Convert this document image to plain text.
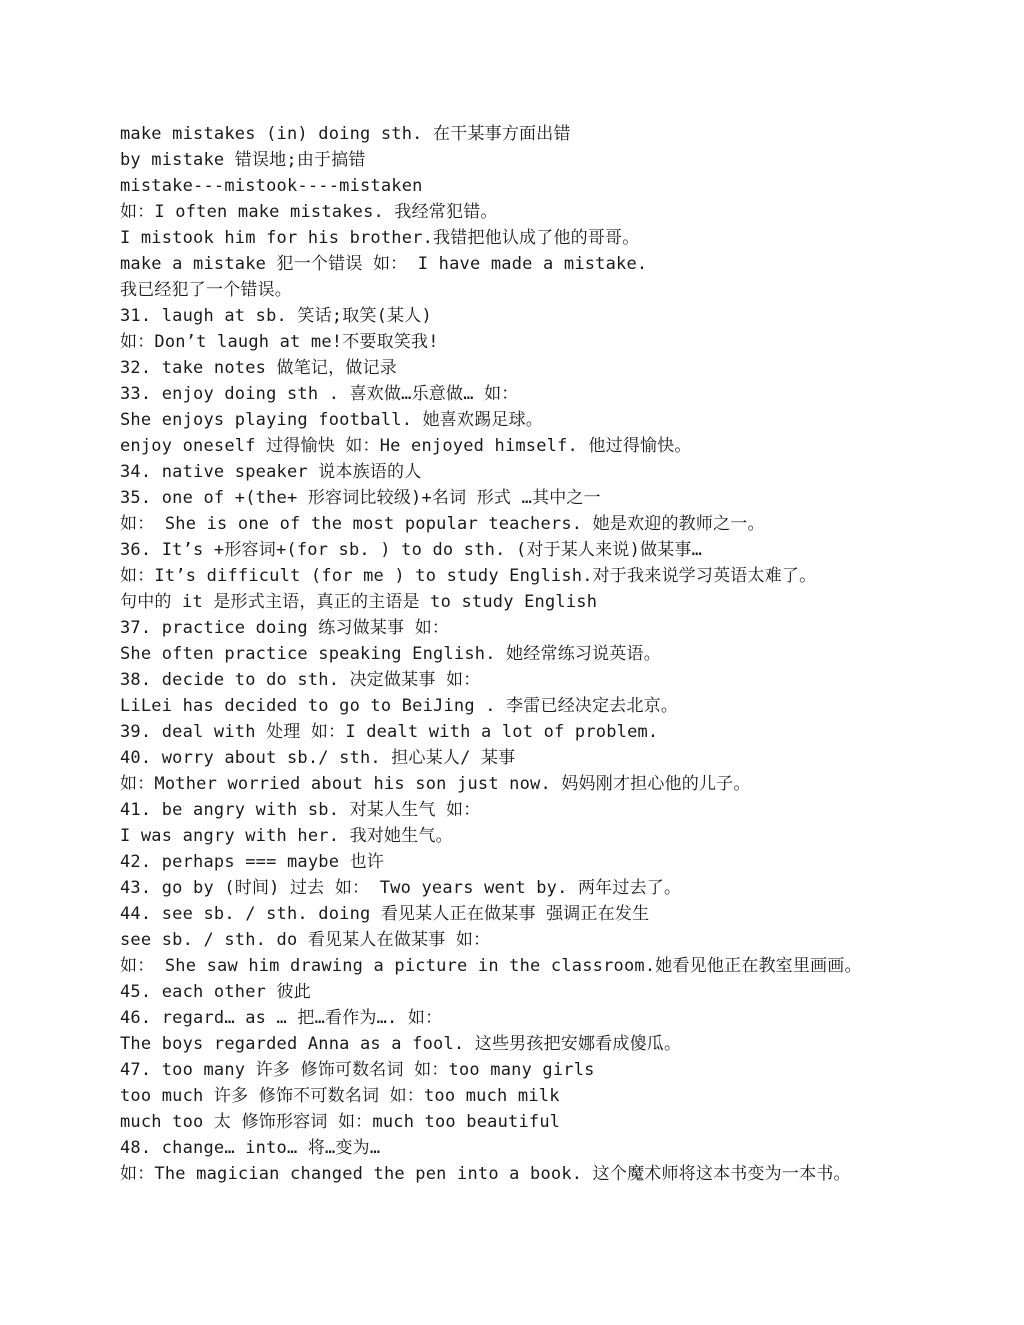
make mistakes (in) doing sth. 在干某事方面出错
by mistake 错误地;由于搞错
mistake---mistook----mistaken
如：I often make mistakes. 我经常犯错。
I mistook him for his brother.我错把他认成了他的哥哥。
make a mistake 犯一个错误 如： I have made a mistake.
我已经犯了一个错误。
31. laugh at sb. 笑话;取笑(某人)
如：Don’t laugh at me!不要取笑我!
32. take notes 做笔记，做记录
33. enjoy doing sth . 喜欢做…乐意做… 如：
She enjoys playing football. 她喜欢踢足球。
enjoy oneself 过得愉快 如：He enjoyed himself. 他过得愉快。
34. native speaker 说本族语的人
35. one of +(the+ 形容词比较级)+名词 形式 …其中之一
如： She is one of the most popular teachers. 她是欢迎的教师之一。
36. It’s +形容词+(for sb. ) to do sth. (对于某人来说)做某事…
如：It’s difficult (for me ) to study English.对于我来说学习英语太难了。
句中的 it 是形式主语，真正的主语是 to study English
37. practice doing 练习做某事 如：
She often practice speaking English. 她经常练习说英语。
38. decide to do sth. 决定做某事 如：
LiLei has decided to go to BeiJing . 李雷已经决定去北京。
39. deal with 处理 如：I dealt with a lot of problem.
40. worry about sb./ sth. 担心某人/ 某事
如：Mother worried about his son just now. 妈妈刚才担心他的儿子。
41. be angry with sb. 对某人生气 如：
I was angry with her. 我对她生气。
42. perhaps === maybe 也许
43. go by (时间) 过去 如： Two years went by. 两年过去了。
44. see sb. / sth. doing 看见某人正在做某事 强调正在发生
see sb. / sth. do 看见某人在做某事 如：
如： She saw him drawing a picture in the classroom.她看见他正在教室里画画。
45. each other 彼此
46. regard… as … 把…看作为…. 如：
The boys regarded Anna as a fool. 这些男孩把安娜看成傻瓜。
47. too many 许多 修饰可数名词 如：too many girls
too much 许多 修饰不可数名词 如：too much milk
much too 太 修饰形容词 如：much too beautiful
48. change… into… 将…变为…
如：The magician changed the pen into a book. 这个魔术师将这本书变为一本书。
